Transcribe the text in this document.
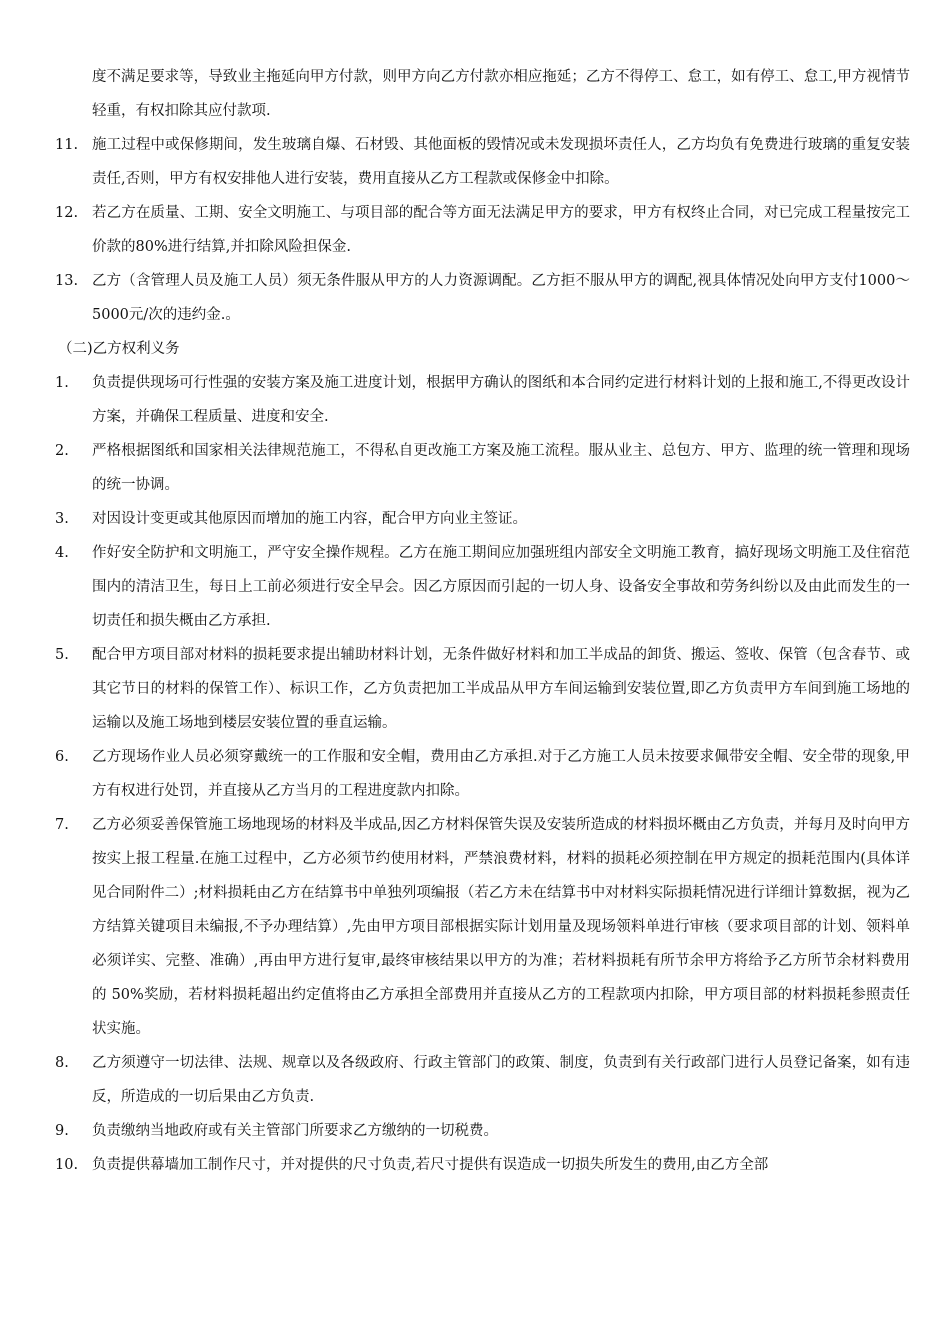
度不满足要求等，导致业主拖延向甲方付款，则甲方向乙方付款亦相应拖延；乙方不得停工、怠工，如有停工、怠工,甲方视情节轻重，有权扣除其应付款项.
11. 施工过程中或保修期间，发生玻璃自爆、石材毁、其他面板的毁情况或未发现损坏责任人，乙方均负有免费进行玻璃的重复安装责任,否则，甲方有权安排他人进行安装，费用直接从乙方工程款或保修金中扣除。
12. 若乙方在质量、工期、安全文明施工、与项目部的配合等方面无法满足甲方的要求，甲方有权终止合同，对已完成工程量按完工价款的80%进行结算,并扣除风险担保金.
13. 乙方（含管理人员及施工人员）须无条件服从甲方的人力资源调配。乙方拒不服从甲方的调配,视具体情况处向甲方支付1000～5000元/次的违约金.。
（二)乙方权利义务
1.	负责提供现场可行性强的安装方案及施工进度计划，根据甲方确认的图纸和本合同约定进行材料计划的上报和施工,不得更改设计方案，并确保工程质量、进度和安全.
2.	严格根据图纸和国家相关法律规范施工，不得私自更改施工方案及施工流程。服从业主、总包方、甲方、监理的统一管理和现场的统一协调。
3.	对因设计变更或其他原因而增加的施工内容，配合甲方向业主签证。
4.	作好安全防护和文明施工，严守安全操作规程。乙方在施工期间应加强班组内部安全文明施工教育，搞好现场文明施工及住宿范围内的清洁卫生，每日上工前必须进行安全早会。因乙方原因而引起的一切人身、设备安全事故和劳务纠纷以及由此而发生的一切责任和损失概由乙方承担.
5.	配合甲方项目部对材料的损耗要求提出辅助材料计划，无条件做好材料和加工半成品的卸货、搬运、签收、保管（包含春节、或其它节日的材料的保管工作）、标识工作，乙方负责把加工半成品从甲方车间运输到安装位置,即乙方负责甲方车间到施工场地的运输以及施工场地到楼层安装位置的垂直运输。
6.	乙方现场作业人员必须穿戴统一的工作服和安全帽，费用由乙方承担.对于乙方施工人员未按要求佩带安全帽、安全带的现象,甲方有权进行处罚，并直接从乙方当月的工程进度款内扣除。
7.	乙方必须妥善保管施工场地现场的材料及半成品,因乙方材料保管失误及安装所造成的材料损坏概由乙方负责，并每月及时向甲方按实上报工程量.在施工过程中，乙方必须节约使用材料，严禁浪费材料，材料的损耗必须控制在甲方规定的损耗范围内(具体详见合同附件二）;材料损耗由乙方在结算书中单独列项编报（若乙方未在结算书中对材料实际损耗情况进行详细计算数据，视为乙方结算关键项目未编报,不予办理结算）,先由甲方项目部根据实际计划用量及现场领料单进行审核（要求项目部的计划、领料单必须详实、完整、准确）,再由甲方进行复审,最终审核结果以甲方的为准；若材料损耗有所节余甲方将给予乙方所节余材料费用的 50%奖励，若材料损耗超出约定值将由乙方承担全部费用并直接从乙方的工程款项内扣除，甲方项目部的材料损耗参照责任状实施。
8.	乙方须遵守一切法律、法规、规章以及各级政府、行政主管部门的政策、制度，负责到有关行政部门进行人员登记备案，如有违反，所造成的一切后果由乙方负责.
9.	负责缴纳当地政府或有关主管部门所要求乙方缴纳的一切税费。
10. 负责提供幕墙加工制作尺寸，并对提供的尺寸负责,若尺寸提供有误造成一切损失所发生的费用,由乙方全部
